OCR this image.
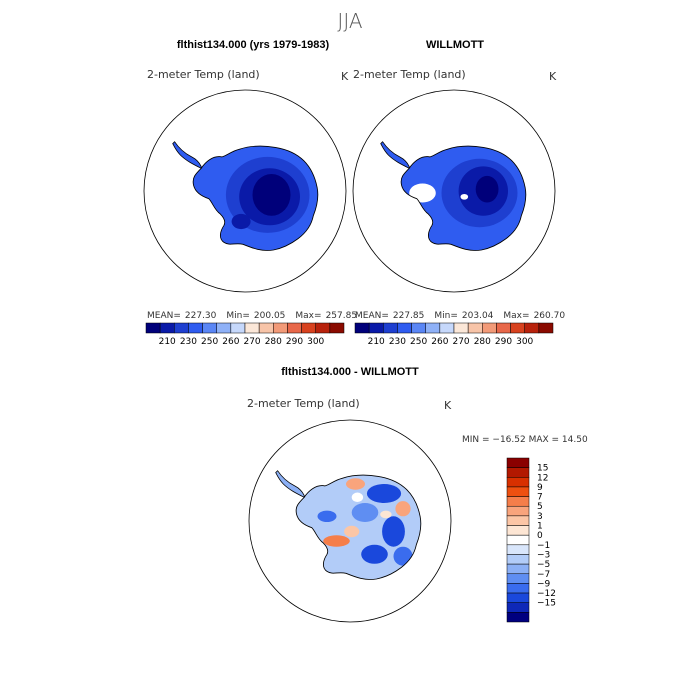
JJA
flthist134.000 (yrs 1979-1983)
2-meter Temp (land)	K
MEAN= 227.30 Min= 200.05 Max= 257.85
210 230 250 260 270 280 290 300
WILLMOTT
2-meter Temp (land)	K
MEAN= 227.85 Min= 203.04 Max= 260.70
210 230 250 260 270 280 290 300
flthist134.000 - WILLMOTT
2-meter Temp (land)	K
MIN = −16.52 MAX = 14.50
15
12
9
7
5
3
1
0
−1
−3
−5
−7
−9
−12
−15
